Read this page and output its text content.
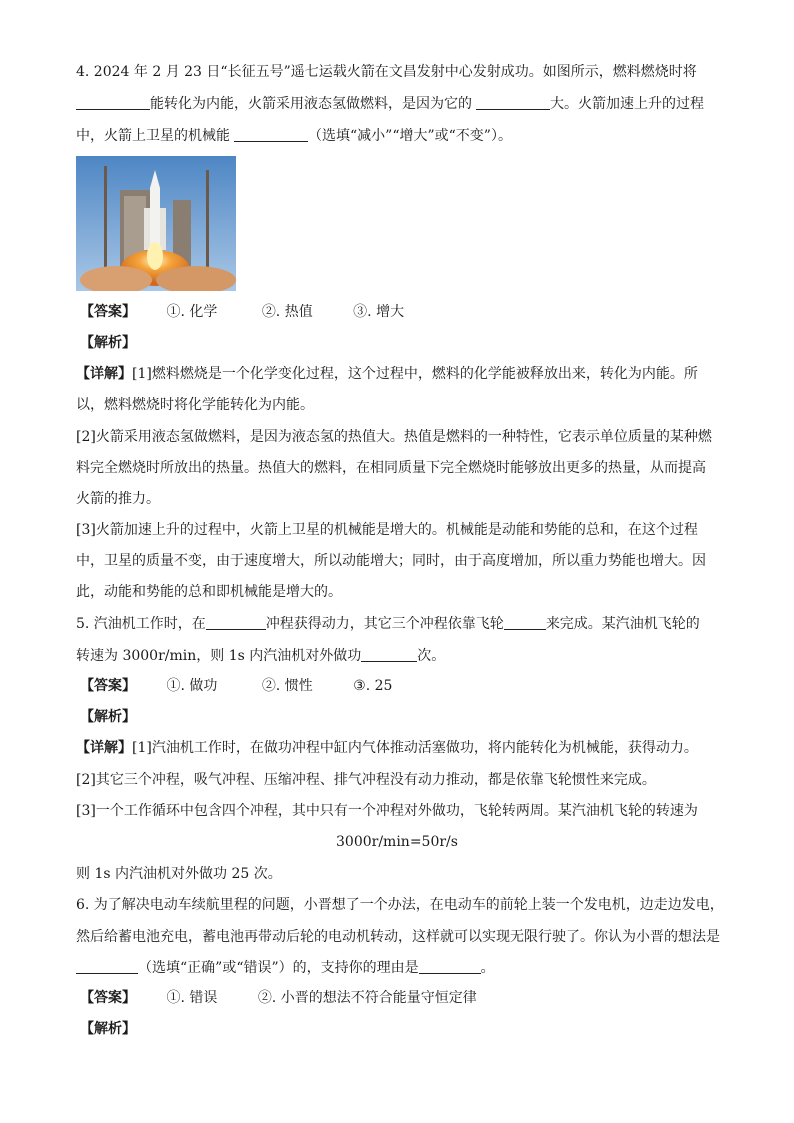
4. 2024 年 2 月 23 日“长征五号”遥七运载火箭在文昌发射中心发射成功。如图所示，燃料燃烧时将
能转化为内能，火箭采用液态氢做燃料，是因为它的	大。火箭加速上升的过程
中，火箭上卫星的机械能	（选填“减小”“增大”或“不变”）。
【答案】 ①. 化学	②. 热值	③. 增大
【解析】
【详解】[1]燃料燃烧是一个化学变化过程，这个过程中，燃料的化学能被释放出来，转化为内能。所
以，燃料燃烧时将化学能转化为内能。
[2]火箭采用液态氢做燃料，是因为液态氢的热值大。热值是燃料的一种特性，它表示单位质量的某种燃
料完全燃烧时所放出的热量。热值大的燃料，在相同质量下完全燃烧时能够放出更多的热量，从而提高
火箭的推力。
[3]火箭加速上升的过程中，火箭上卫星的机械能是增大的。机械能是动能和势能的总和，在这个过程
中，卫星的质量不变，由于速度增大，所以动能增大；同时，由于高度增加，所以重力势能也增大。因
此，动能和势能的总和即机械能是增大的。
5. 汽油机工作时，在	冲程获得动力，其它三个冲程依靠飞轮	来完成。某汽油机飞轮的
转速为 3000r/min，则 1s 内汽油机对外做功	次。
【答案】 ①. 做功	②. 惯性	③. 25
【解析】
【详解】[1]汽油机工作时，在做功冲程中缸内气体推动活塞做功，将内能转化为机械能，获得动力。
[2]其它三个冲程，吸气冲程、压缩冲程、排气冲程没有动力推动，都是依靠飞轮惯性来完成。
[3]一个工作循环中包含四个冲程，其中只有一个冲程对外做功，飞轮转两周。某汽油机飞轮的转速为
3000r/min=50r/s
则 1s 内汽油机对外做功 25 次。
6. 为了解决电动车续航里程的问题，小晋想了一个办法，在电动车的前轮上装一个发电机，边走边发电，
然后给蓄电池充电，蓄电池再带动后轮的电动机转动，这样就可以实现无限行驶了。你认为小晋的想法是
（选填“正确”或“错误”）的，支持你的理由是	。
【答案】 ①. 错误	②. 小晋的想法不符合能量守恒定律
【解析】
